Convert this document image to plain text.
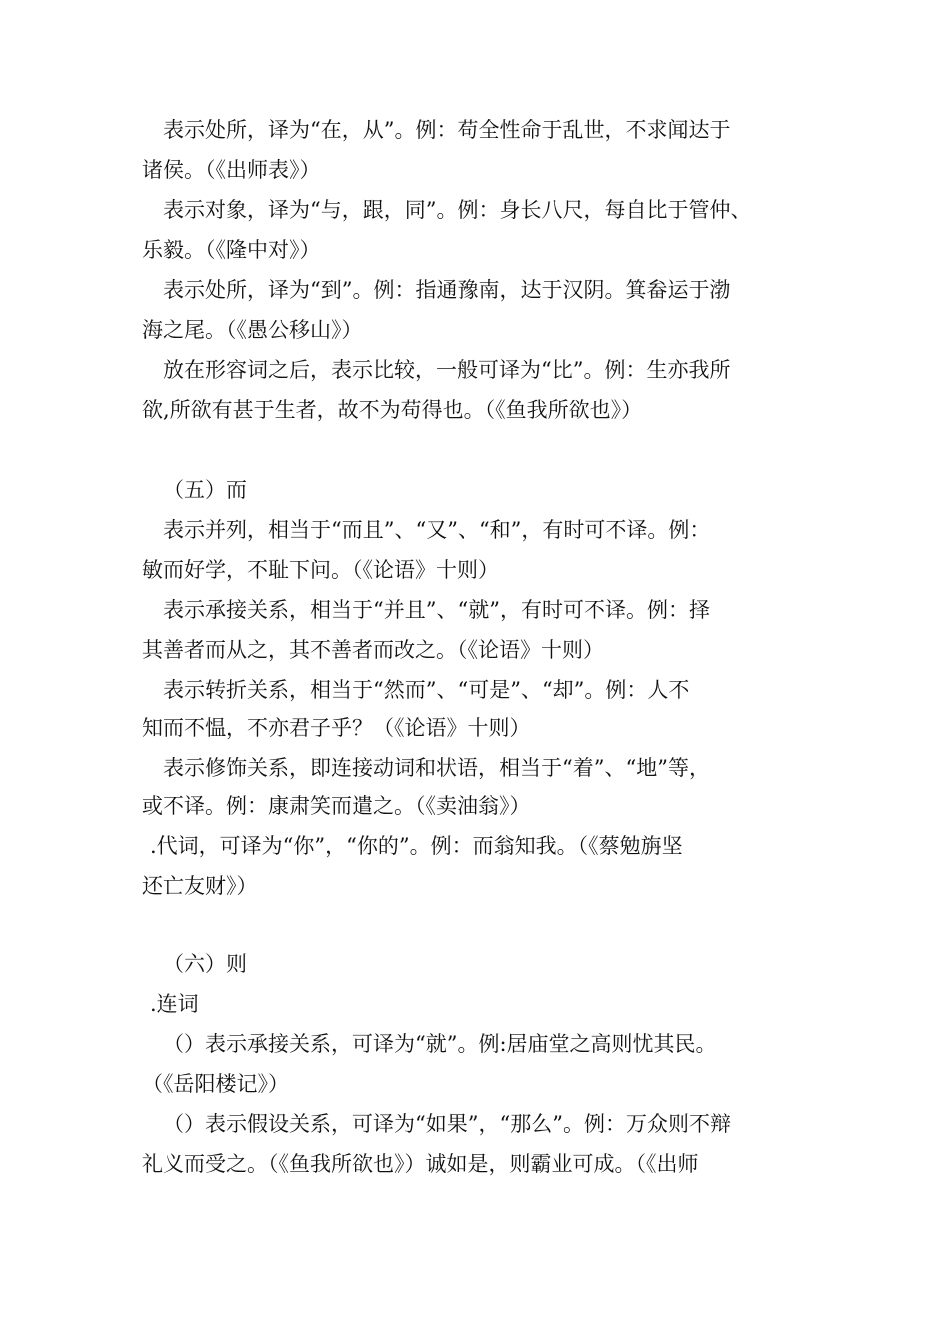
表示处所，译为“在，从”。例：苟全性命于乱世，不求闻达于
诸侯。（《出师表》）
表示对象，译为“与，跟，同”。例：身长八尺，每自比于管仲、
乐毅。（《隆中对》）
表示处所，译为“到”。例：指通豫南，达于汉阴。箕畚运于渤
海之尾。（《愚公移山》）
放在形容词之后，表示比较，一般可译为“比”。例：生亦我所
欲,所欲有甚于生者，故不为苟得也。（《鱼我所欲也》）
（五）而
表示并列，相当于“而且”、“又”、“和”，有时可不译。例：
敏而好学，不耻下问。（《论语》十则）
表示承接关系，相当于“并且”、“就”，有时可不译。例：择
其善者而从之，其不善者而改之。（《论语》十则）
表示转折关系，相当于“然而”、“可是”、“却”。例：人不
知而不愠，不亦君子乎？（《论语》十则）
表示修饰关系，即连接动词和状语，相当于“着”、“地”等，
或不译。例：康肃笑而遣之。（《卖油翁》）
.代词，可译为“你”，“你的”。例：而翁知我。（《蔡勉旃坚
还亡友财》）
（六）则
.连词
（）表示承接关系，可译为“就”。例:居庙堂之高则忧其民。
（《岳阳楼记》）
（）表示假设关系，可译为“如果”，“那么”。例：万众则不辩
礼义而受之。（《鱼我所欲也》）诚如是，则霸业可成。（《出师
